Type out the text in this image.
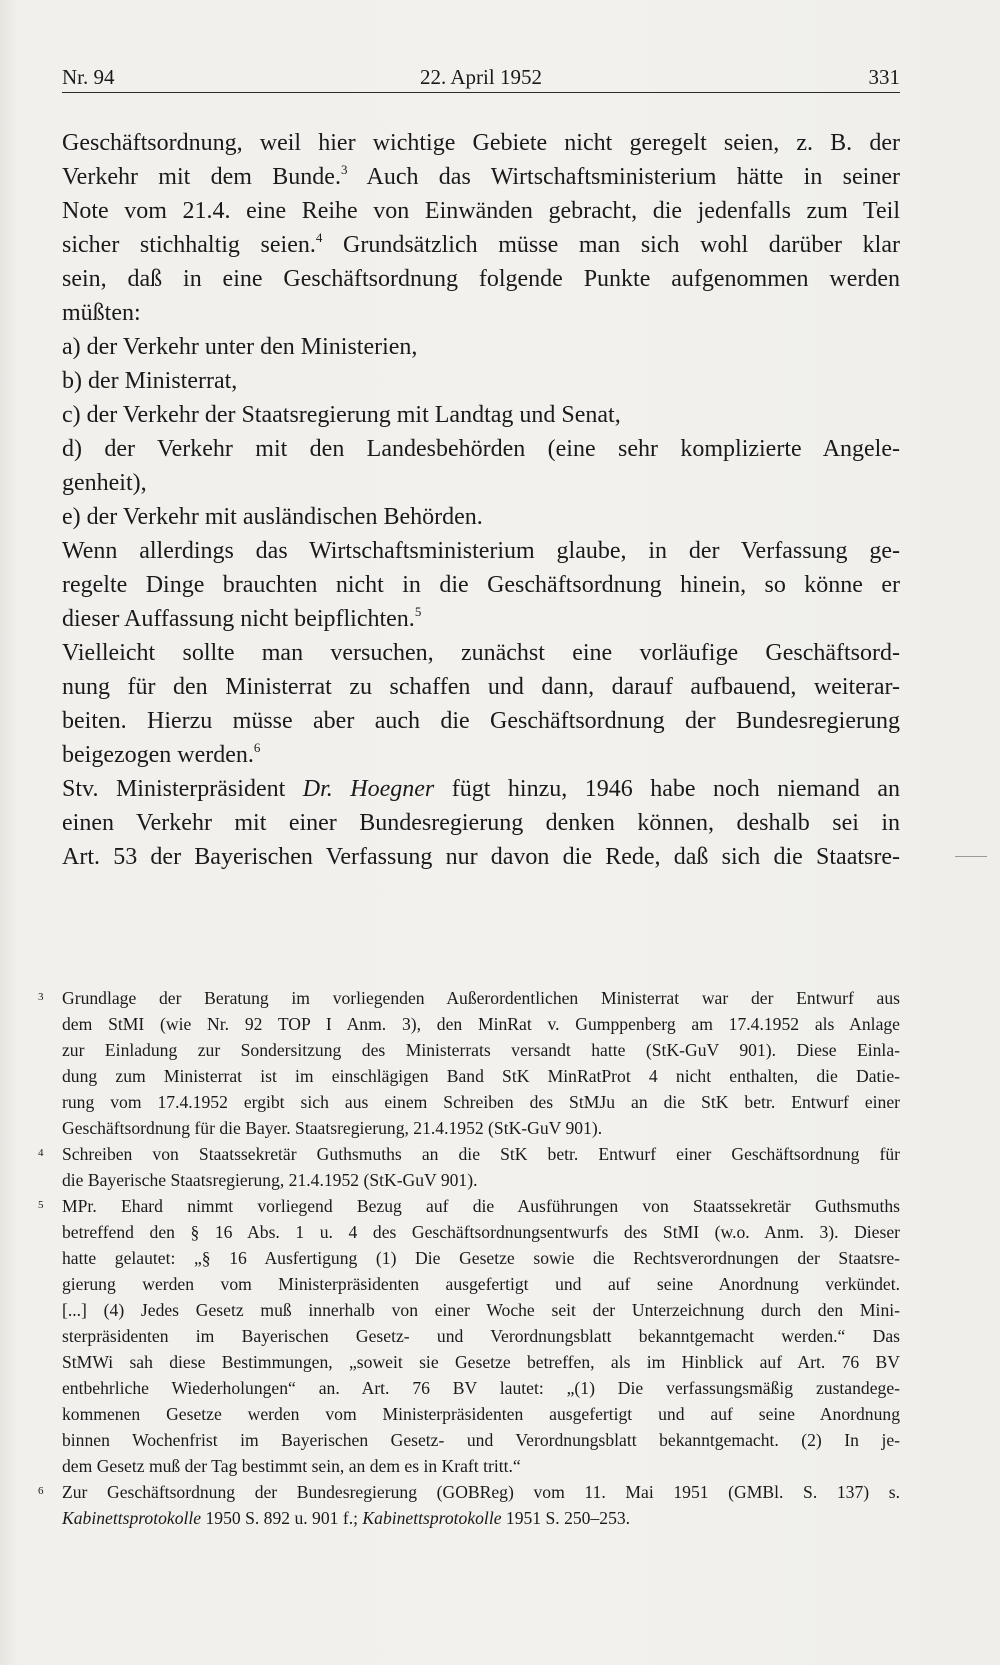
Nr. 94	22. April 1952	331
Geschäftsordnung, weil hier wichtige Gebiete nicht geregelt seien, z. B. der
Verkehr mit dem Bunde.$^3$ Auch das Wirtschaftsministerium hätte in seiner
Note vom 21.4. eine Reihe von Einwänden gebracht, die jedenfalls zum Teil
sicher stichhaltig seien.$^4$ Grundsätzlich müsse man sich wohl darüber klar
sein, daß in eine Geschäftsordnung folgende Punkte aufgenommen werden
müßten:
a) der Verkehr unter den Ministerien,
b) der Ministerrat,
c) der Verkehr der Staatsregierung mit Landtag und Senat,
d) der Verkehr mit den Landesbehörden (eine sehr komplizierte Angele-
genheit),
e) der Verkehr mit ausländischen Behörden.
Wenn allerdings das Wirtschaftsministerium glaube, in der Verfassung ge-
regelte Dinge brauchten nicht in die Geschäftsordnung hinein, so könne er
dieser Auffassung nicht beipflichten.$^5$
Vielleicht sollte man versuchen, zunächst eine vorläufige Geschäftsord-
nung für den Ministerrat zu schaffen und dann, darauf aufbauend, weiterar-
beiten. Hierzu müsse aber auch die Geschäftsordnung der Bundesregierung
beigezogen werden.$^6$
Stv. Ministerpräsident Dr. Hoegner fügt hinzu, 1946 habe noch niemand an
einen Verkehr mit einer Bundesregierung denken können, deshalb sei in
Art. 53 der Bayerischen Verfassung nur davon die Rede, daß sich die Staatsre-
3 Grundlage der Beratung im vorliegenden Außerordentlichen Ministerrat war der Entwurf aus
dem StMI (wie Nr. 92 TOP I Anm. 3), den MinRat v. Gumppenberg am 17.4.1952 als Anlage
zur Einladung zur Sondersitzung des Ministerrats versandt hatte (StK-GuV 901). Diese Einla-
dung zum Ministerrat ist im einschlägigen Band StK MinRatProt 4 nicht enthalten, die Datie-
rung vom 17.4.1952 ergibt sich aus einem Schreiben des StMJu an die StK betr. Entwurf einer
Geschäftsordnung für die Bayer. Staatsregierung, 21.4.1952 (StK-GuV 901).
4 Schreiben von Staatssekretär Guthsmuths an die StK betr. Entwurf einer Geschäftsordnung für
die Bayerische Staatsregierung, 21.4.1952 (StK-GuV 901).
5 MPr. Ehard nimmt vorliegend Bezug auf die Ausführungen von Staatssekretär Guthsmuths
betreffend den § 16 Abs. 1 u. 4 des Geschäftsordnungsentwurfs des StMI (w.o. Anm. 3). Dieser
hatte gelautet: „§ 16 Ausfertigung (1) Die Gesetze sowie die Rechtsverordnungen der Staatsre-
gierung werden vom Ministerpräsidenten ausgefertigt und auf seine Anordnung verkündet.
[...] (4) Jedes Gesetz muß innerhalb von einer Woche seit der Unterzeichnung durch den Mini-
sterpräsidenten im Bayerischen Gesetz- und Verordnungsblatt bekanntgemacht werden.“ Das
StMWi sah diese Bestimmungen, „soweit sie Gesetze betreffen, als im Hinblick auf Art. 76 BV
entbehrliche Wiederholungen“ an. Art. 76 BV lautet: „(1) Die verfassungsmäßig zustandege-
kommenen Gesetze werden vom Ministerpräsidenten ausgefertigt und auf seine Anordnung
binnen Wochenfrist im Bayerischen Gesetz- und Verordnungsblatt bekanntgemacht. (2) In je-
dem Gesetz muß der Tag bestimmt sein, an dem es in Kraft tritt.“
6 Zur Geschäftsordnung der Bundesregierung (GOBReg) vom 11. Mai 1951 (GMBl. S. 137) s.
Kabinettsprotokolle 1950 S. 892 u. 901 f.; Kabinettsprotokolle 1951 S. 250–253.
